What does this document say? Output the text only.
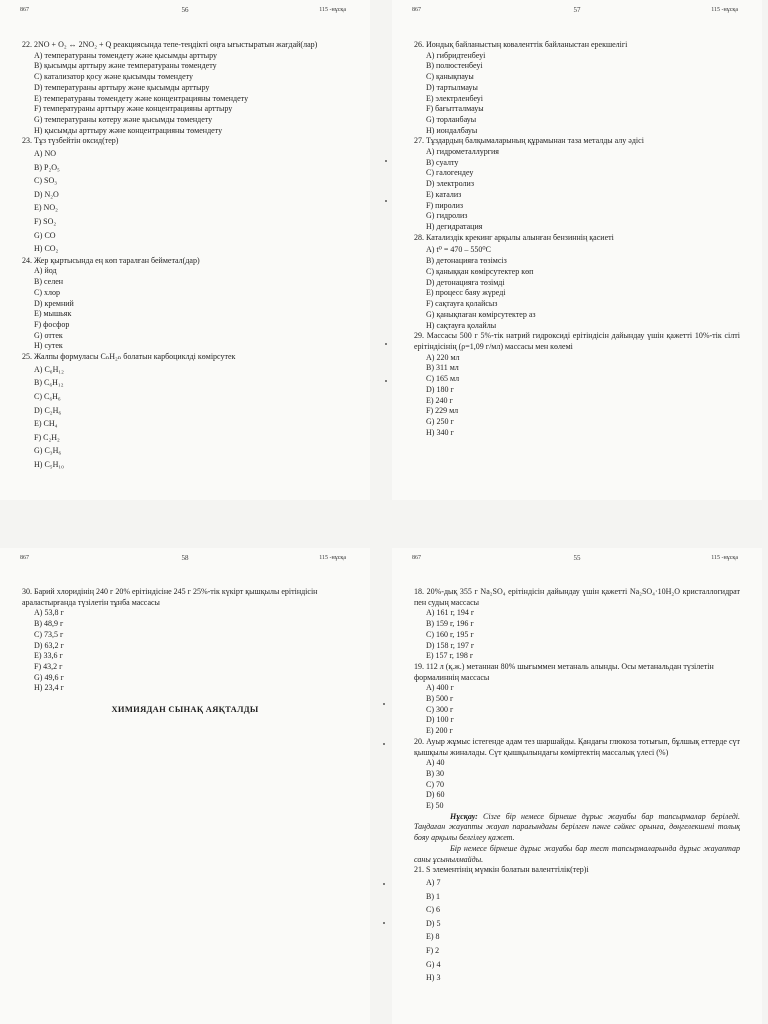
867	56	115 -нұсқа
22. 2NO + O₂ ↔ 2NO₂ + Q реакциясында тепе-теңдікті оңға ығыстыратын жағдай(лар)
A) температураны төмендету және қысымды арттыру
B) қысымды арттыру және температураны төмендету
C) катализатор қосу және қысымды төмендету
D) температураны арттыру және қысымды арттыру
E) температураны төмендету және концентрацияны төмендету
F) температураны арттыру және концентрацияны арттыру
G) температураны көтеру және қысымды төмендету
H) қысымды арттыру және концентрацияны төмендету
23. Тұз түзбейтін оксид(тер)
A) NO
B) P₂O₅
C) SO₃
D) N₂O
E) NO₂
F) SO₂
G) CO
H) CO₂
24. Жер қыртысында ең көп таралған бейметал(дар)
A) йод
B) селен
C) хлор
D) кремний
E) мышьяк
F) фосфор
G) оттек
H) сутек
25. Жалпы формуласы CₙH₂ₙ болатын карбоциклді көмірсутек
A) C₆H₁₂
B) C₆H₁₂
C) C₆H₆
D) C₂H₆
E) CH₄
F) C₂H₂
G) C₃H₆
H) C₅H₁₀
867	57	115 -нұсқа
26. Иондық байланыстың коваленттік байланыстан ерекшелігі
A) гибридтенбеуі
B) полюстенбеуі
C) қанықпауы
D) тартылмауы
E) электрленбеуі
F) бағытталмауы
G) торланбауы
H) иондалбауы
27. Тұздардың балқымаларының құрамынан таза металды алу әдісі
A) гидрометаллургия
B) суалту
C) галогендеу
D) электролиз
E) катализ
F) пиролиз
G) гидролиз
H) дегидратация
28. Катализдік крекинг арқылы алынған бензиннің қасиеті
A) t⁰ = 470 – 550⁰C
B) детонацияға төзімсіз
C) қаныққан көмірсутектер көп
D) детонацияға төзімді
E) процесс баяу жүреді
F) сақтауға қолайсыз
G) қанықпаған көмірсутектер аз
H) сақтауға қолайлы
29. Массасы 500 г 5%-тік натрий гидроксиді ерітіндісін дайындау үшін қажетті 10%-тік сілті ерітіндісінің (ρ=1,09 г/мл) массасы мен көлемі
A) 220 мл
B) 311 мл
C) 165 мл
D) 180 г
E) 240 г
F) 229 мл
G) 250 г
H) 340 г
867	58	115 -нұсқа
30. Барий хлоридінің 240 г 20% ерітіндісіне 245 г 25%-тік күкірт қышқылы ерітіндісін араластырғанда түзілетін тұнба массасы
A) 53,8 г
B) 48,9 г
C) 73,5 г
D) 63,2 г
E) 33,6 г
F) 43,2 г
G) 49,6 г
H) 23,4 г
ХИМИЯДАН СЫНАҚ АЯҚТАЛДЫ
867	55	115 -нұсқа
18. 20%-дық 355 г Na₂SO₄ ерітіндісін дайындау үшін қажетті Na₂SO₄·10H₂O кристаллогидрат пен судың массасы
A) 161 г, 194 г
B) 159 г, 196 г
C) 160 г, 195 г
D) 158 г, 197 г
E) 157 г, 198 г
19. 112 л (қ.ж.) метаннан 80% шығыммен метаналь алынды. Осы метанальдан түзілетін формалиннің массасы
A) 400 г
B) 500 г
C) 300 г
D) 100 г
E) 200 г
20. Ауыр жұмыс істегенде адам тез шаршайды. Қандағы глюкоза тотығып, бұлшық еттерде сүт қышқылы жиналады. Сүт қышқылындағы көміртектің массалық үлесі (%)
A) 40
B) 30
C) 70
D) 60
E) 50
Нұсқау: Сізге бір немесе бірнеше дұрыс жауабы бар тапсырмалар беріледі. Таңдаған жауапты жауап парағындағы берілген пәнге сәйкес орынға, дөңгелекшені толық бояу арқылы белгілеу қажет.
Бір немесе бірнеше дұрыс жауабы бар тест тапсырмаларында дұрыс жауаптар саны ұсынылмайды.
21. S элементінің мүмкін болатын валенттілік(тер)і
A) 7
B) 1
C) 6
D) 5
E) 8
F) 2
G) 4
H) 3
